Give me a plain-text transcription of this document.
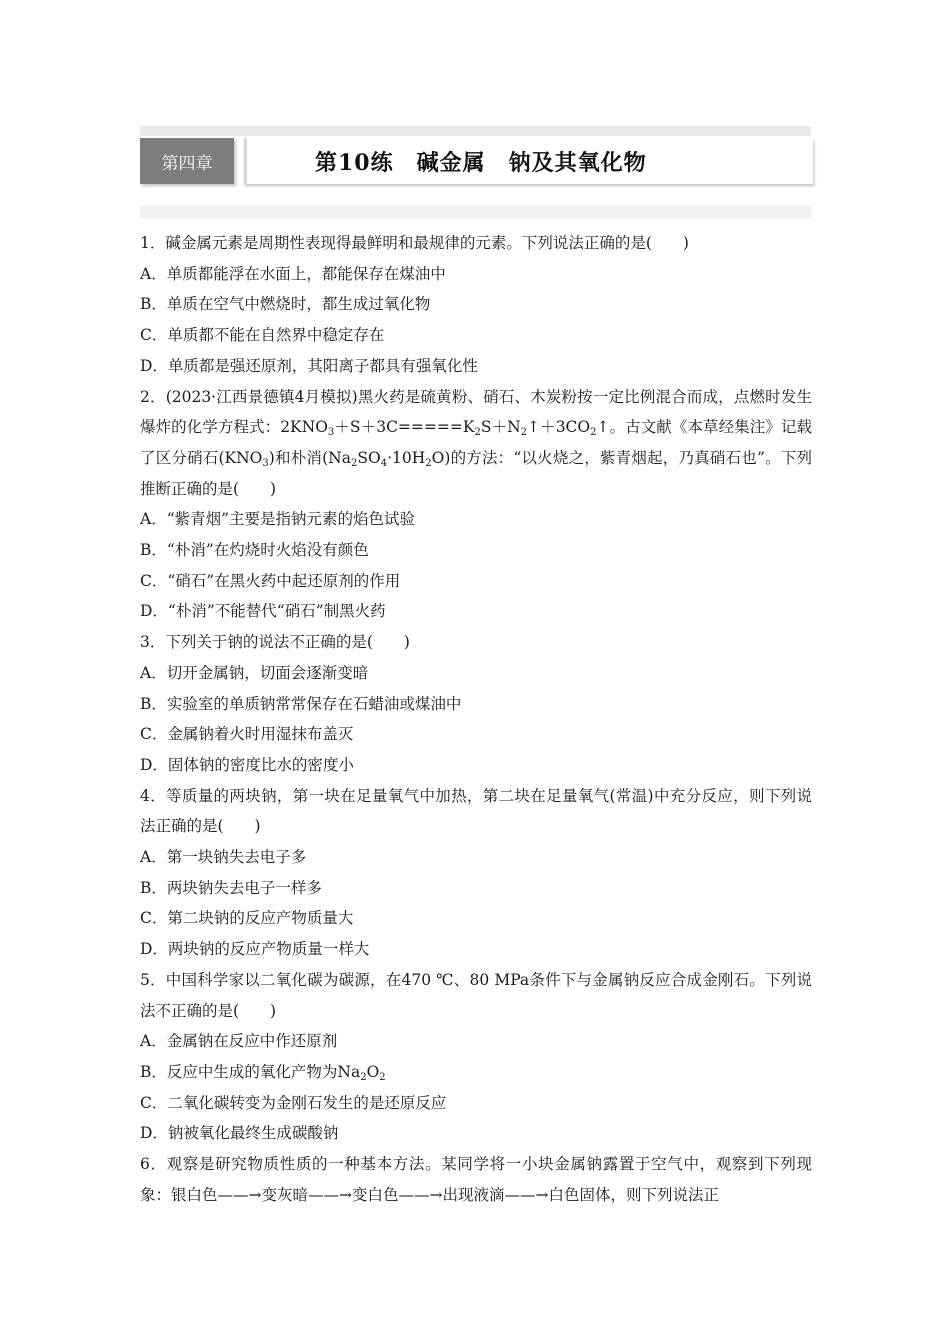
第四章	第10练　碱金属　钠及其氧化物

1．碱金属元素是周期性表现得最鲜明和最规律的元素。下列说法正确的是(　　)

A．单质都能浮在水面上，都能保存在煤油中

B．单质在空气中燃烧时，都生成过氧化物

C．单质都不能在自然界中稳定存在

D．单质都是强还原剂，其阳离子都具有强氧化性

2．(2023·江西景德镇4月模拟)黑火药是硫黄粉、硝石、木炭粉按一定比例混合而成，点燃时发生爆炸的化学方程式：$2KNO_3+S+3C=====K_2S+N_2↑+3CO_2↑$。古文献《本草经集注》记载了区分硝石$(KNO_3)$和朴消$(Na_2SO_4\cdot 10H_2O)$的方法：“以火烧之，紫青烟起，乃真硝石也”。下列推断正确的是(　　)

A．“紫青烟”主要是指钠元素的焰色试验

B．“朴消”在灼烧时火焰没有颜色

C．“硝石”在黑火药中起还原剂的作用

D．“朴消”不能替代“硝石”制黑火药

3．下列关于钠的说法不正确的是(　　)

A．切开金属钠，切面会逐渐变暗

B．实验室的单质钠常常保存在石蜡油或煤油中

C．金属钠着火时用湿抹布盖灭

D．固体钠的密度比水的密度小

4．等质量的两块钠，第一块在足量氧气中加热，第二块在足量氧气(常温)中充分反应，则下列说法正确的是(　　)

A．第一块钠失去电子多

B．两块钠失去电子一样多

C．第二块钠的反应产物质量大

D．两块钠的反应产物质量一样大

5．中国科学家以二氧化碳为碳源，在470 ℃、80 MPa条件下与金属钠反应合成金刚石。下列说法不正确的是(　　)

A．金属钠在反应中作还原剂

B．反应中生成的氧化产物为$Na_2O_2$

C．二氧化碳转变为金刚石发生的是还原反应

D．钠被氧化最终生成碳酸钠

6．观察是研究物质性质的一种基本方法。某同学将一小块金属钠露置于空气中，观察到下列现象：银白色——→变灰暗——→变白色——→出现液滴——→白色固体，则下列说法正
